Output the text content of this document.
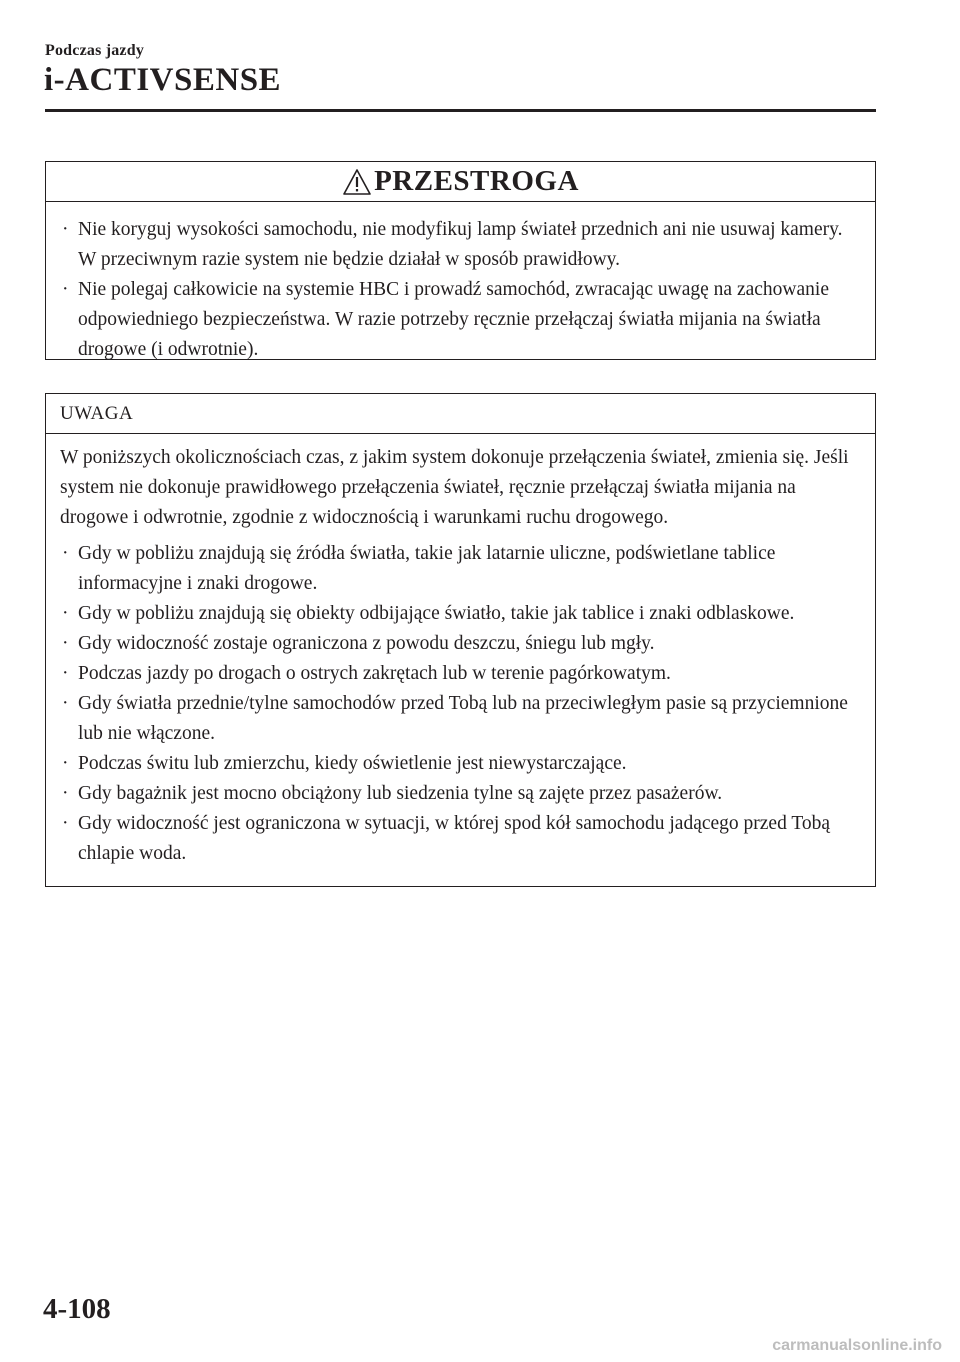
Podczas jazdy
i-ACTIVSENSE
PRZESTROGA
· Nie koryguj wysokości samochodu, nie modyfikuj lamp świateł przednich ani nie usuwaj kamery. W przeciwnym razie system nie będzie działał w sposób prawidłowy.
· Nie polegaj całkowicie na systemie HBC i prowadź samochód, zwracając uwagę na zachowanie odpowiedniego bezpieczeństwa. W razie potrzeby ręcznie przełączaj światła mijania na światła drogowe (i odwrotnie).
UWAGA

W poniższych okolicznościach czas, z jakim system dokonuje przełączenia świateł, zmienia się. Jeśli system nie dokonuje prawidłowego przełączenia świateł, ręcznie przełączaj światła mijania na drogowe i odwrotnie, zgodnie z widocznością i warunkami ruchu drogowego.

· Gdy w pobliżu znajdują się źródła światła, takie jak latarnie uliczne, podświetlane tablice informacyjne i znaki drogowe.
· Gdy w pobliżu znajdują się obiekty odbijające światło, takie jak tablice i znaki odblaskowe.
· Gdy widoczność zostaje ograniczona z powodu deszczu, śniegu lub mgły.
· Podczas jazdy po drogach o ostrych zakrętach lub w terenie pagórkowatym.
· Gdy światła przednie/tylne samochodów przed Tobą lub na przeciwległym pasie są przyciemnione lub nie włączone.
· Podczas świtu lub zmierzchu, kiedy oświetlenie jest niewystarczające.
· Gdy bagażnik jest mocno obciążony lub siedzenia tylne są zajęte przez pasażerów.
· Gdy widoczność jest ograniczona w sytuacji, w której spod kół samochodu jadącego przed Tobą chlapie woda.
4-108
carmanualsonline.info
